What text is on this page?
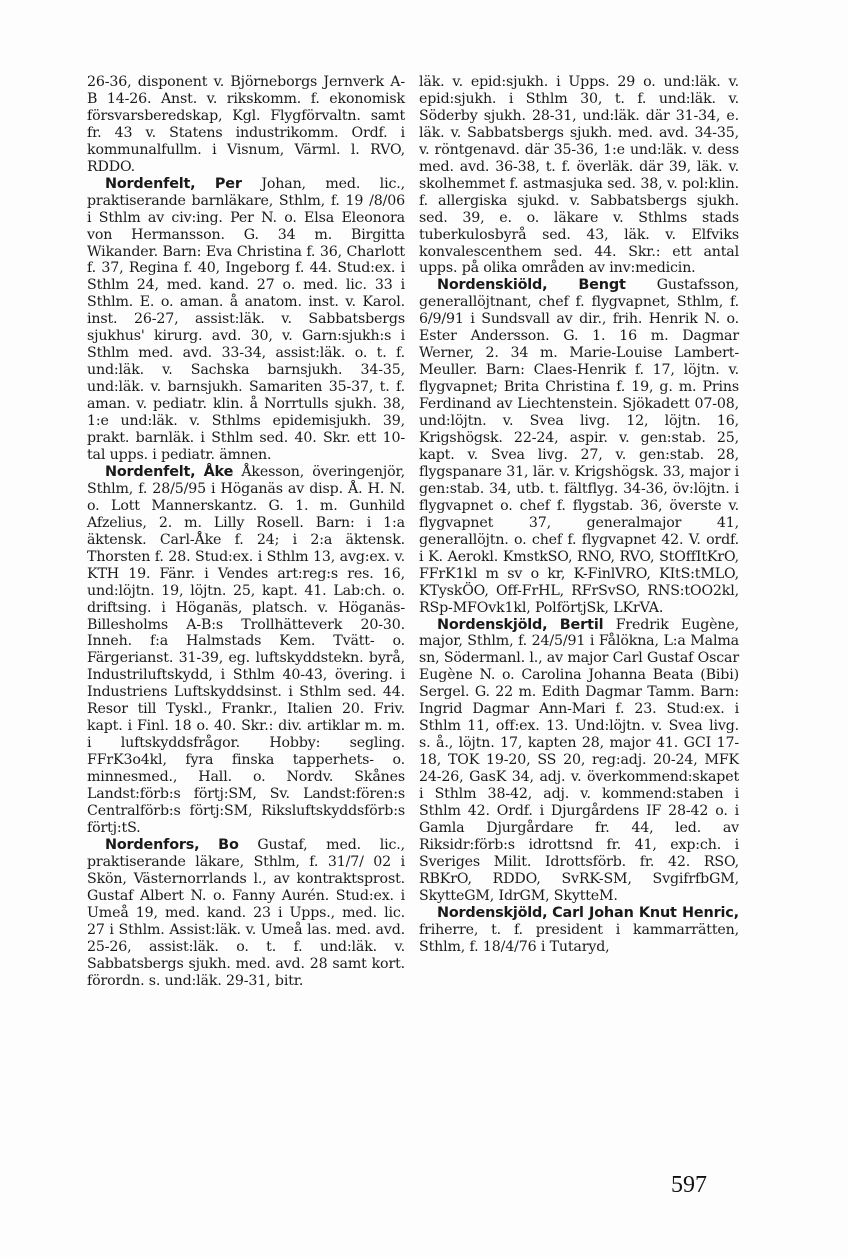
26-36, disponent v. Björneborgs Jernverk A-B 14-26. Anst. v. rikskomm. f. ekonomisk försvarsberedskap, Kgl. Flygförvaltn. samt fr. 43 v. Statens industrikomm. Ordf. i kommunalfullm. i Visnum, Värml. l. RVO, RDDO.

Nordenfelt, Per Johan, med. lic., praktiserande barnläkare, Sthlm, f. 19 /8/06 i Sthlm av civ:ing. Per N. o. Elsa Eleonora von Hermansson. G. 34 m. Birgitta Wikander. Barn: Eva Christina f. 36, Charlott f. 37, Regina f. 40, Ingeborg f. 44. Stud:ex. i Sthlm 24, med. kand. 27 o. med. lic. 33 i Sthlm. E. o. aman. å anatom. inst. v. Karol. inst. 26-27, assist:läk. v. Sabbatsbergs sjukhus' kirurg. avd. 30, v. Garn:sjukh:s i Sthlm med. avd. 33-34, assist:läk. o. t. f. und:läk. v. Sachska barnsjukh. 34-35, und:läk. v. barnsjukh. Samariten 35-37, t. f. aman. v. pediatr. klin. å Norrtulls sjukh. 38, 1:e und:läk. v. Sthlms epidemisjukh. 39, prakt. barnläk. i Sthlm sed. 40. Skr. ett 10-tal upps. i pediatr. ämnen.

Nordenfelt, Åke Åkesson, överingenjör, Sthlm, f. 28/5/95 i Höganäs av disp. Å. H. N. o. Lott Mannerskantz. G. 1. m. Gunhild Afzelius, 2. m. Lilly Rosell. Barn: i 1:a äktensk. Carl-Åke f. 24; i 2:a äktensk. Thorsten f. 28. Stud:ex. i Sthlm 13, avg:ex. v. KTH 19. Fänr. i Vendes art:reg:s res. 16, und:löjtn. 19, löjtn. 25, kapt. 41. Lab:ch. o. driftsing. i Höganäs, platsch. v. Höganäs-Billesholms A-B:s Trollhätteverk 20-30. Inneh. f:a Halmstads Kem. Tvätt- o. Färgerianst. 31-39, eg. luftskyddstekn. byrå, Industriluftskydd, i Sthlm 40-43, övering. i Industriens Luftskyddsinst. i Sthlm sed. 44. Resor till Tyskl., Frankr., Italien 20. Friv. kapt. i Finl. 18 o. 40. Skr.: div. artiklar m. m. i luftskyddsfrågor. Hobby: segling. FFrK3o4kl, fyra finska tapperhets- o. minnesmed., Hall. o. Nordv. Skånes Landst:förb:s förtj:SM, Sv. Landst:fören:s Centralförb:s förtj:SM, Riksluftskyddsförb:s förtj:tS.

Nordenfors, Bo Gustaf, med. lic., praktiserande läkare, Sthlm, f. 31/7/ 02 i Skön, Västernorrlands l., av kontraktsprost. Gustaf Albert N. o. Fanny Aurén. Stud:ex. i Umeå 19, med. kand. 23 i Upps., med. lic. 27 i Sthlm. Assist:läk. v. Umeå las. med. avd. 25-26, assist:läk. o. t. f. und:läk. v. Sabbatsbergs sjukh. med. avd. 28 samt kort. förordn. s. und:läk. 29-31, bitr.

läk. v. epid:sjukh. i Upps. 29 o. und:läk. v. epid:sjukh. i Sthlm 30, t. f. und:läk. v. Söderby sjukh. 28-31, und:läk. där 31-34, e. läk. v. Sabbatsbergs sjukh. med. avd. 34-35, v. röntgenavd. där 35-36, 1:e und:läk. v. dess med. avd. 36-38, t. f. överläk. där 39, läk. v. skolhemmet f. astmasjuka sed. 38, v. pol:klin. f. allergiska sjukd. v. Sabbatsbergs sjukh. sed. 39, e. o. läkare v. Sthlms stads tuberkulosbyrå sed. 43, läk. v. Elfviks konvalescenthem sed. 44. Skr.: ett antal upps. på olika områden av inv:medicin.

Nordenskiöld, Bengt Gustafsson, generallöjtnant, chef f. flygvapnet, Sthlm, f. 6/9/91 i Sundsvall av dir., frih. Henrik N. o. Ester Andersson. G. 1. 16 m. Dagmar Werner, 2. 34 m. Marie-Louise Lambert-Meuller. Barn: Claes-Henrik f. 17, löjtn. v. flygvapnet; Brita Christina f. 19, g. m. Prins Ferdinand av Liechtenstein. Sjökadett 07-08, und:löjtn. v. Svea livg. 12, löjtn. 16, Krigshögsk. 22-24, aspir. v. gen:stab. 25, kapt. v. Svea livg. 27, v. gen:stab. 28, flygspanare 31, lär. v. Krigshögsk. 33, major i gen:stab. 34, utb. t. fältflyg. 34-36, öv:löjtn. i flygvapnet o. chef f. flygstab. 36, överste v. flygvapnet 37, generalmajor 41, generallöjtn. o. chef f. flygvapnet 42. V. ordf. i K. Aerokl. KmstkSO, RNO, RVO, StOffItKrO, FFrK1kl m sv o kr, K-FinlVRO, KItS:tMLO, KTyskÖO, Off-FrHL, RFrSvSO, RNS:tOO2kl, RSp-MFOvk1kl, PolförtjSk, LKrVA.

Nordenskjöld, Bertil Fredrik Eugène, major, Sthlm, f. 24/5/91 i Fålökna, L:a Malma sn, Södermanl. l., av major Carl Gustaf Oscar Eugène N. o. Carolina Johanna Beata (Bibi) Sergel. G. 22 m. Edith Dagmar Tamm. Barn: Ingrid Dagmar Ann-Mari f. 23. Stud:ex. i Sthlm 11, off:ex. 13. Und:löjtn. v. Svea livg. s. å., löjtn. 17, kapten 28, major 41. GCI 17-18, TOK 19-20, SS 20, reg:adj. 20-24, MFK 24-26, GasK 34, adj. v. överkommend:skapet i Sthlm 38-42, adj. v. kommend:staben i Sthlm 42. Ordf. i Djurgårdens IF 28-42 o. i Gamla Djurgårdare fr. 44, led. av Riksidr:förb:s idrottsnd fr. 41, exp:ch. i Sveriges Milit. Idrottsförb. fr. 42. RSO, RBKrO, RDDO, SvRK-SM, SvgifrfbGM, SkytteGM, IdrGM, SkytteM.

Nordenskjöld, Carl Johan Knut Henric, friherre, t. f. president i kammarrätten, Sthlm, f. 18/4/76 i Tutaryd,

597
